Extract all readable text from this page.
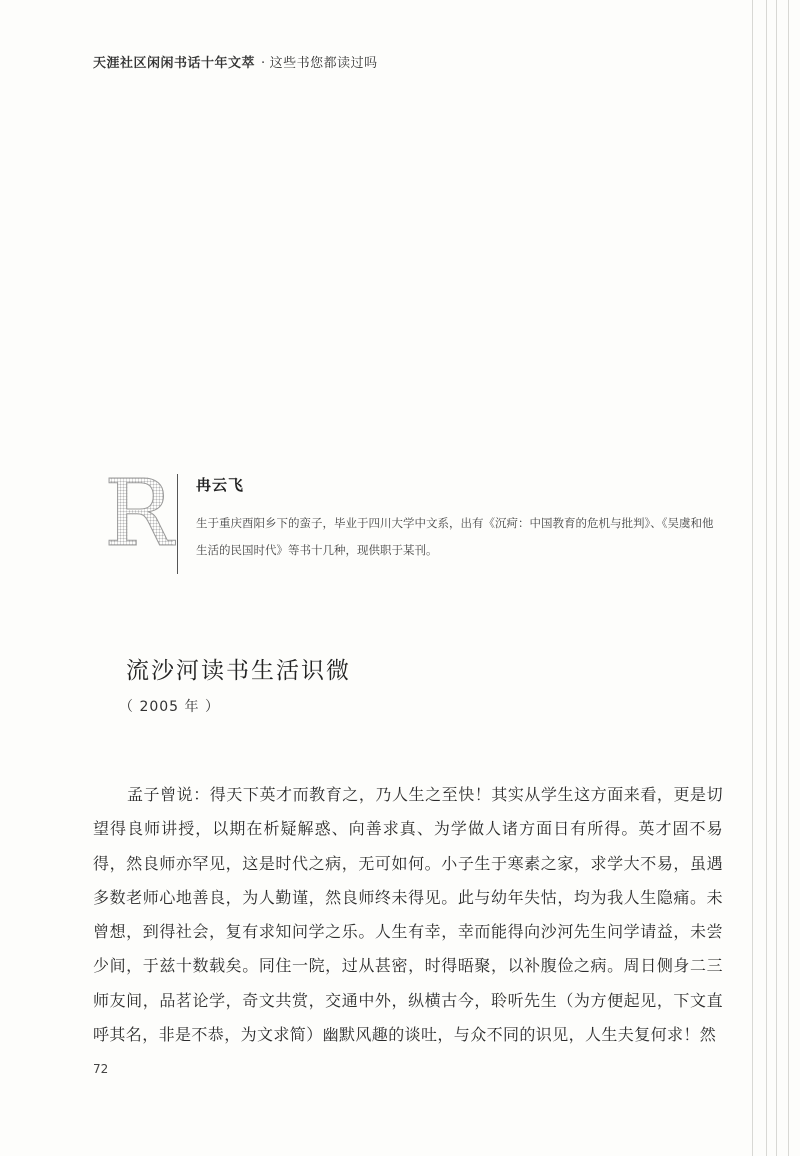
天涯社区闲闲书话十年文萃 · 这些书您都读过吗
R 冉云飞
生于重庆酉阳乡下的蛮子，毕业于四川大学中文系，出有《沉疴：中国教育的危机与批判》、《吴虞和他生活的民国时代》等书十几种，现供职于某刊。
流沙河读书生活识微
（ 2005 年 ）

孟子曾说：得天下英才而教育之，乃人生之至快！其实从学生这方面来看，更是切望得良师讲授，以期在析疑解惑、向善求真、为学做人诸方面日有所得。英才固不易得，然良师亦罕见，这是时代之病，无可如何。小子生于寒素之家，求学大不易，虽遇多数老师心地善良，为人勤谨，然良师终未得见。此与幼年失怙，均为我人生隐痛。未曾想，到得社会，复有求知问学之乐。人生有幸，幸而能得向沙河先生问学请益，未尝少间，于兹十数载矣。同住一院，过从甚密，时得晤聚，以补腹俭之病。周日侧身二三师友间，品茗论学，奇文共赏，交通中外，纵横古今，聆听先生（为方便起见，下文直呼其名，非是不恭，为文求简）幽默风趣的谈吐，与众不同的识见，人生夫复何求！然

72
